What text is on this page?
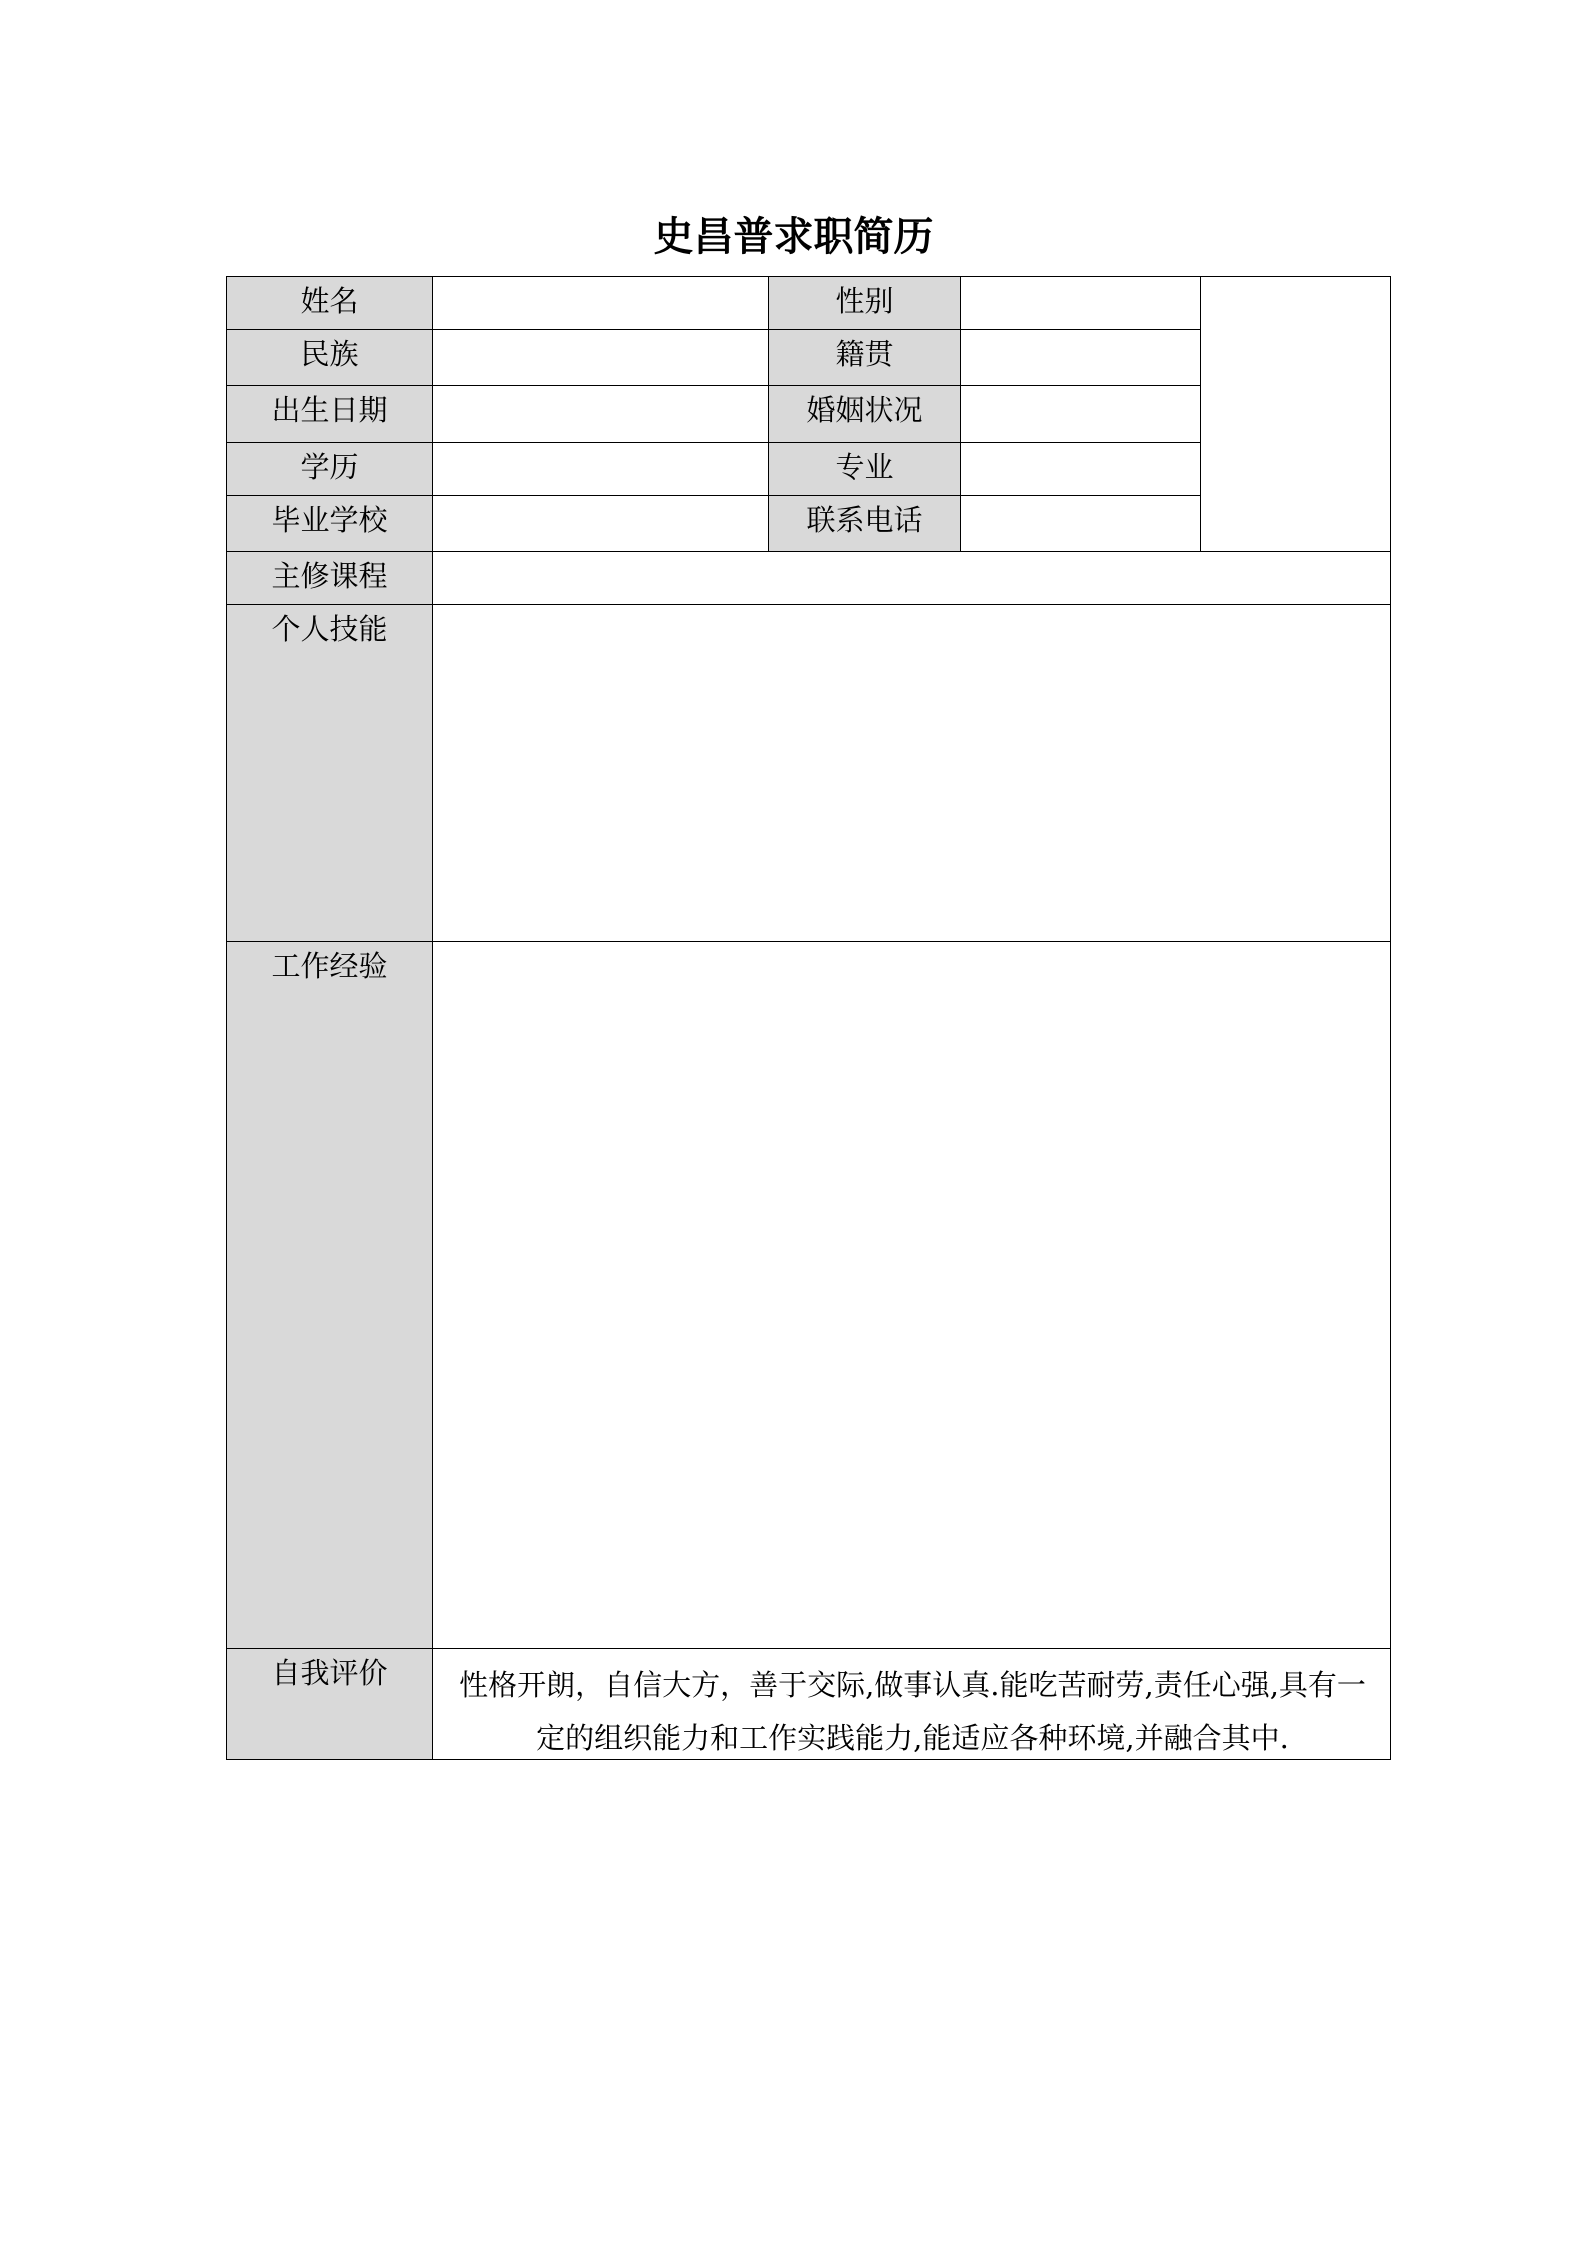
史昌普求职简历
姓名	性别
民族	籍贯
出生日期	婚姻状况
学历	专业
毕业学校	联系电话
主修课程
个人技能
工作经验
自我评价	性格开朗，自信大方，善于交际,做事认真.能吃苦耐劳,责任心强,具有一定的组织能力和工作实践能力,能适应各种环境,并融合其中.
